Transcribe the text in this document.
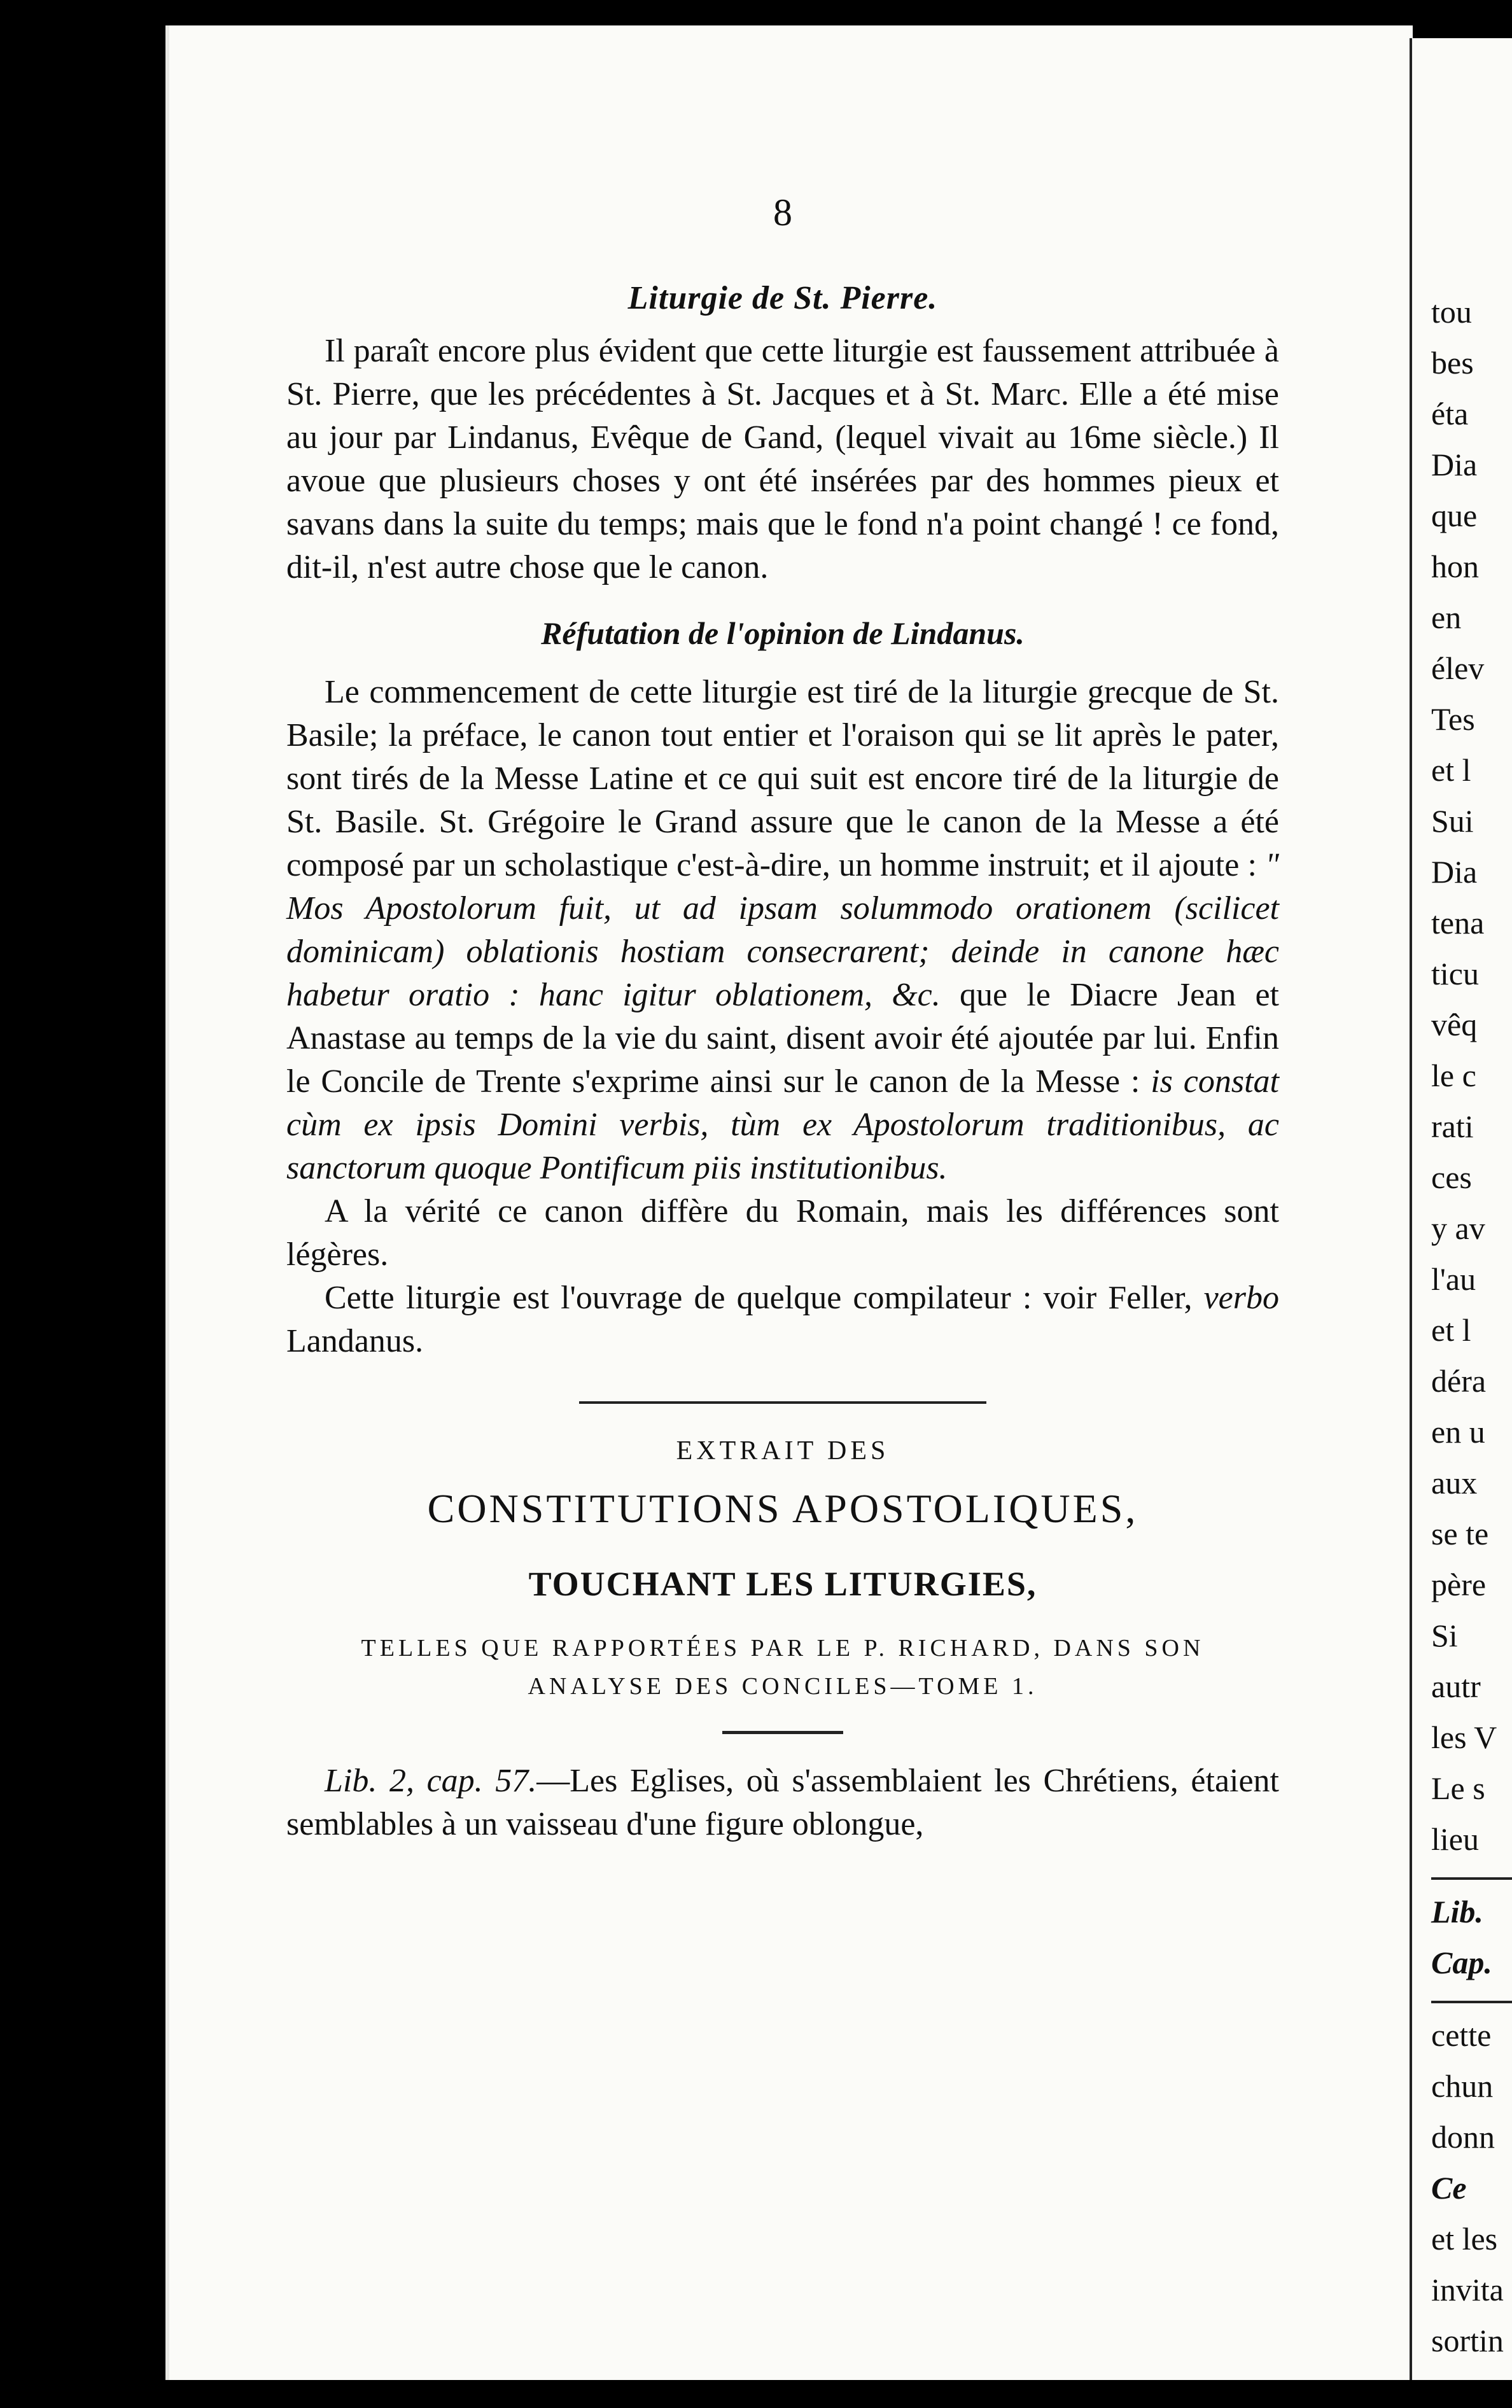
8
Liturgie de St. Pierre.

Il paraît encore plus évident que cette liturgie est faussement attribuée à St. Pierre, que les précédentes à St. Jacques et à St. Marc. Elle a été mise au jour par Lindanus, Evêque de Gand, (lequel vivait au 16me siècle.) Il avoue que plusieurs choses y ont été insérées par des hommes pieux et savans dans la suite du temps; mais que le fond n'a point changé ! ce fond, dit-il, n'est autre chose que le canon.

Réfutation de l'opinion de Lindanus.

Le commencement de cette liturgie est tiré de la liturgie grecque de St. Basile; la préface, le canon tout entier et l'oraison qui se lit après le pater, sont tirés de la Messe Latine et ce qui suit est encore tiré de la liturgie de St. Basile. St. Grégoire le Grand assure que le canon de la Messe a été composé par un scholastique c'est-à-dire, un homme instruit; et il ajoute : " Mos Apostolorum fuit, ut ad ipsam solummodo orationem (scilicet dominicam) oblationis hostiam consecrarent; deinde in canone hæc habetur oratio : hanc igitur oblationem, &c. que le Diacre Jean et Anastase au temps de la vie du saint, disent avoir été ajoutée par lui. Enfin le Concile de Trente s'exprime ainsi sur le canon de la Messe : is constat cùm ex ipsis Domini verbis, tùm ex Apostolorum traditionibus, ac sanctorum quoque Pontificum piis institutionibus.

A la vérité ce canon diffère du Romain, mais les différences sont légères.

Cette liturgie est l'ouvrage de quelque compilateur : voir Feller, verbo Landanus.

EXTRAIT DES
CONSTITUTIONS APOSTOLIQUES,
TOUCHANT LES LITURGIES,
TELLES QUE RAPPORTÉES PAR LE P. RICHARD, DANS SON
ANALYSE DES CONCILES—TOME 1.

Lib. 2, cap. 57.—Les Eglises, où s'assemblaient les Chrétiens, étaient semblables à un vaisseau d'une figure oblongue,

tou
bes
éta
Dia
que
hon
en
élev
Tes
et l
Sui
Dia
tena
ticu
vêq
le c
rati
ces
y av
l'au
et l
déra
en u
aux
se te
père
Si
autr
les V
Le s
lieu
Lib.
Cap.
cette
chun
donn
Ce
et les
invita
sortin
